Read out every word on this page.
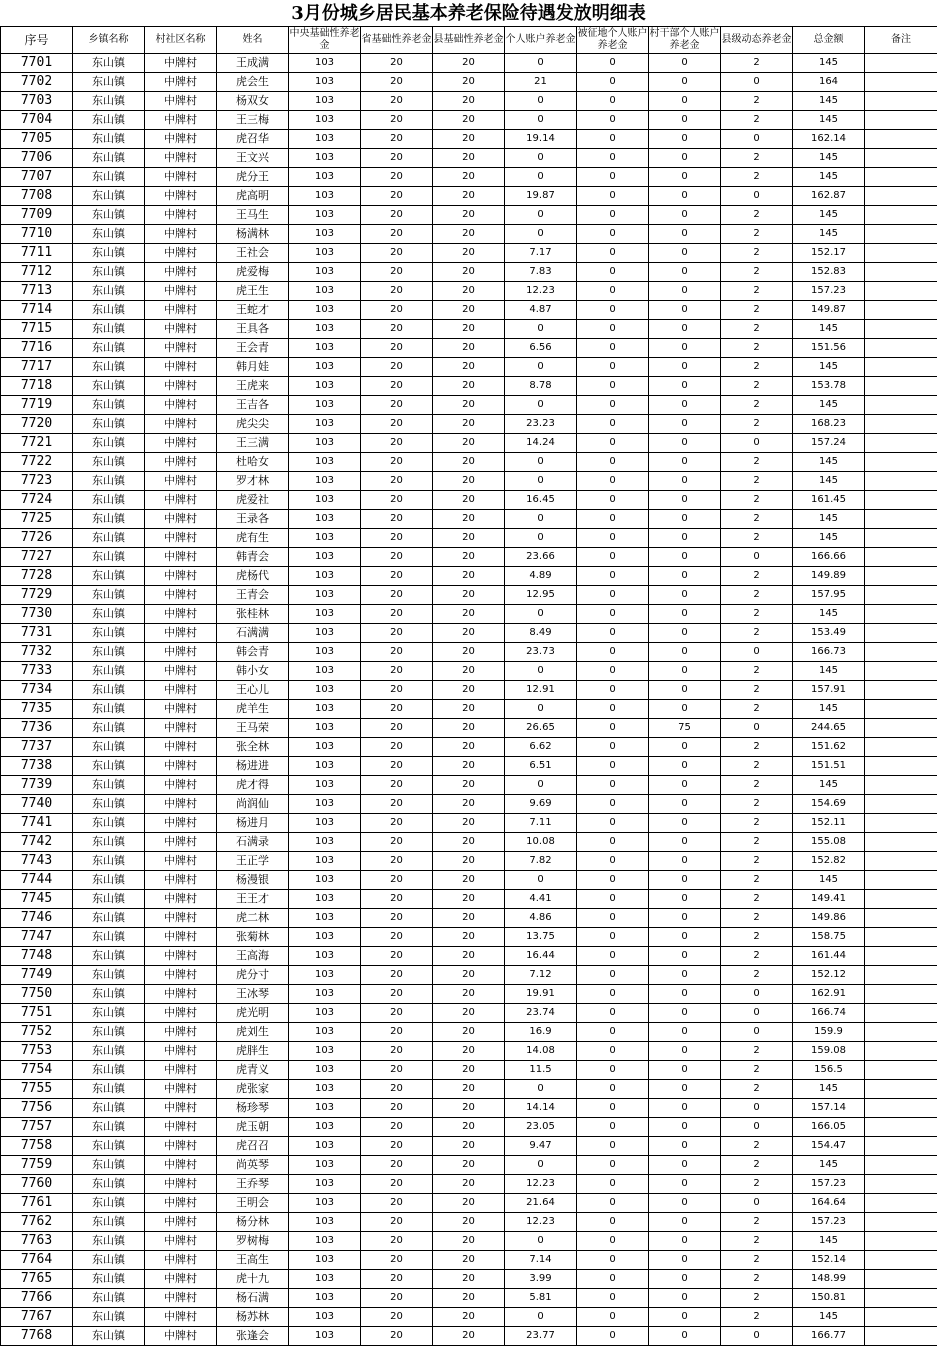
3月份城乡居民基本养老保险待遇发放明细表
序号	乡镇名称	村社区名称	姓名	中央基础性养老金	省基础性养老金	县基础性养老金	个人账户养老金	被征地个人账户养老金	村干部个人账户养老金	县级动态养老金	总金额	备注
7701	东山镇	中牌村	王成满	103	20	20	0	0	0	2	145	
7702	东山镇	中牌村	虎会生	103	20	20	21	0	0	0	164	
7703	东山镇	中牌村	杨双女	103	20	20	0	0	0	2	145	
7704	东山镇	中牌村	王三梅	103	20	20	0	0	0	2	145	
7705	东山镇	中牌村	虎召华	103	20	20	19.14	0	0	0	162.14	
7706	东山镇	中牌村	王文兴	103	20	20	0	0	0	2	145	
7707	东山镇	中牌村	虎分王	103	20	20	0	0	0	2	145	
7708	东山镇	中牌村	虎高明	103	20	20	19.87	0	0	0	162.87	
7709	东山镇	中牌村	王马生	103	20	20	0	0	0	2	145	
7710	东山镇	中牌村	杨满林	103	20	20	0	0	0	2	145	
7711	东山镇	中牌村	王社会	103	20	20	7.17	0	0	2	152.17	
7712	东山镇	中牌村	虎爱梅	103	20	20	7.83	0	0	2	152.83	
7713	东山镇	中牌村	虎王生	103	20	20	12.23	0	0	2	157.23	
7714	东山镇	中牌村	王蛇才	103	20	20	4.87	0	0	2	149.87	
7715	东山镇	中牌村	王具各	103	20	20	0	0	0	2	145	
7716	东山镇	中牌村	王会青	103	20	20	6.56	0	0	2	151.56	
7717	东山镇	中牌村	韩月娃	103	20	20	0	0	0	2	145	
7718	东山镇	中牌村	王虎来	103	20	20	8.78	0	0	2	153.78	
7719	东山镇	中牌村	王吉各	103	20	20	0	0	0	2	145	
7720	东山镇	中牌村	虎尖尖	103	20	20	23.23	0	0	2	168.23	
7721	东山镇	中牌村	王三满	103	20	20	14.24	0	0	0	157.24	
7722	东山镇	中牌村	杜哈女	103	20	20	0	0	0	2	145	
7723	东山镇	中牌村	罗才林	103	20	20	0	0	0	2	145	
7724	东山镇	中牌村	虎爱社	103	20	20	16.45	0	0	2	161.45	
7725	东山镇	中牌村	王录各	103	20	20	0	0	0	2	145	
7726	东山镇	中牌村	虎有生	103	20	20	0	0	0	2	145	
7727	东山镇	中牌村	韩青会	103	20	20	23.66	0	0	0	166.66	
7728	东山镇	中牌村	虎杨代	103	20	20	4.89	0	0	2	149.89	
7729	东山镇	中牌村	王青会	103	20	20	12.95	0	0	2	157.95	
7730	东山镇	中牌村	张桂林	103	20	20	0	0	0	2	145	
7731	东山镇	中牌村	石满满	103	20	20	8.49	0	0	2	153.49	
7732	东山镇	中牌村	韩会青	103	20	20	23.73	0	0	0	166.73	
7733	东山镇	中牌村	韩小女	103	20	20	0	0	0	2	145	
7734	东山镇	中牌村	王心儿	103	20	20	12.91	0	0	2	157.91	
7735	东山镇	中牌村	虎羊生	103	20	20	0	0	0	2	145	
7736	东山镇	中牌村	王马荣	103	20	20	26.65	0	75	0	244.65	
7737	东山镇	中牌村	张全林	103	20	20	6.62	0	0	2	151.62	
7738	东山镇	中牌村	杨进进	103	20	20	6.51	0	0	2	151.51	
7739	东山镇	中牌村	虎才得	103	20	20	0	0	0	2	145	
7740	东山镇	中牌村	尚润仙	103	20	20	9.69	0	0	2	154.69	
7741	东山镇	中牌村	杨进月	103	20	20	7.11	0	0	2	152.11	
7742	东山镇	中牌村	石满录	103	20	20	10.08	0	0	2	155.08	
7743	东山镇	中牌村	王正学	103	20	20	7.82	0	0	2	152.82	
7744	东山镇	中牌村	杨漫银	103	20	20	0	0	0	2	145	
7745	东山镇	中牌村	王王才	103	20	20	4.41	0	0	2	149.41	
7746	东山镇	中牌村	虎二林	103	20	20	4.86	0	0	2	149.86	
7747	东山镇	中牌村	张菊林	103	20	20	13.75	0	0	2	158.75	
7748	东山镇	中牌村	王高海	103	20	20	16.44	0	0	2	161.44	
7749	东山镇	中牌村	虎分寸	103	20	20	7.12	0	0	2	152.12	
7750	东山镇	中牌村	王冰琴	103	20	20	19.91	0	0	0	162.91	
7751	东山镇	中牌村	虎光明	103	20	20	23.74	0	0	0	166.74	
7752	东山镇	中牌村	虎刘生	103	20	20	16.9	0	0	0	159.9	
7753	东山镇	中牌村	虎胖生	103	20	20	14.08	0	0	2	159.08	
7754	东山镇	中牌村	虎青义	103	20	20	11.5	0	0	2	156.5	
7755	东山镇	中牌村	虎张家	103	20	20	0	0	0	2	145	
7756	东山镇	中牌村	杨珍琴	103	20	20	14.14	0	0	0	157.14	
7757	东山镇	中牌村	虎玉朝	103	20	20	23.05	0	0	0	166.05	
7758	东山镇	中牌村	虎召召	103	20	20	9.47	0	0	2	154.47	
7759	东山镇	中牌村	尚英琴	103	20	20	0	0	0	2	145	
7760	东山镇	中牌村	王乔琴	103	20	20	12.23	0	0	2	157.23	
7761	东山镇	中牌村	王明会	103	20	20	21.64	0	0	0	164.64	
7762	东山镇	中牌村	杨分林	103	20	20	12.23	0	0	2	157.23	
7763	东山镇	中牌村	罗树梅	103	20	20	0	0	0	2	145	
7764	东山镇	中牌村	王高生	103	20	20	7.14	0	0	2	152.14	
7765	东山镇	中牌村	虎十九	103	20	20	3.99	0	0	2	148.99	
7766	东山镇	中牌村	杨石满	103	20	20	5.81	0	0	2	150.81	
7767	东山镇	中牌村	杨苏林	103	20	20	0	0	0	2	145	
7768	东山镇	中牌村	张逢会	103	20	20	23.77	0	0	0	166.77	
